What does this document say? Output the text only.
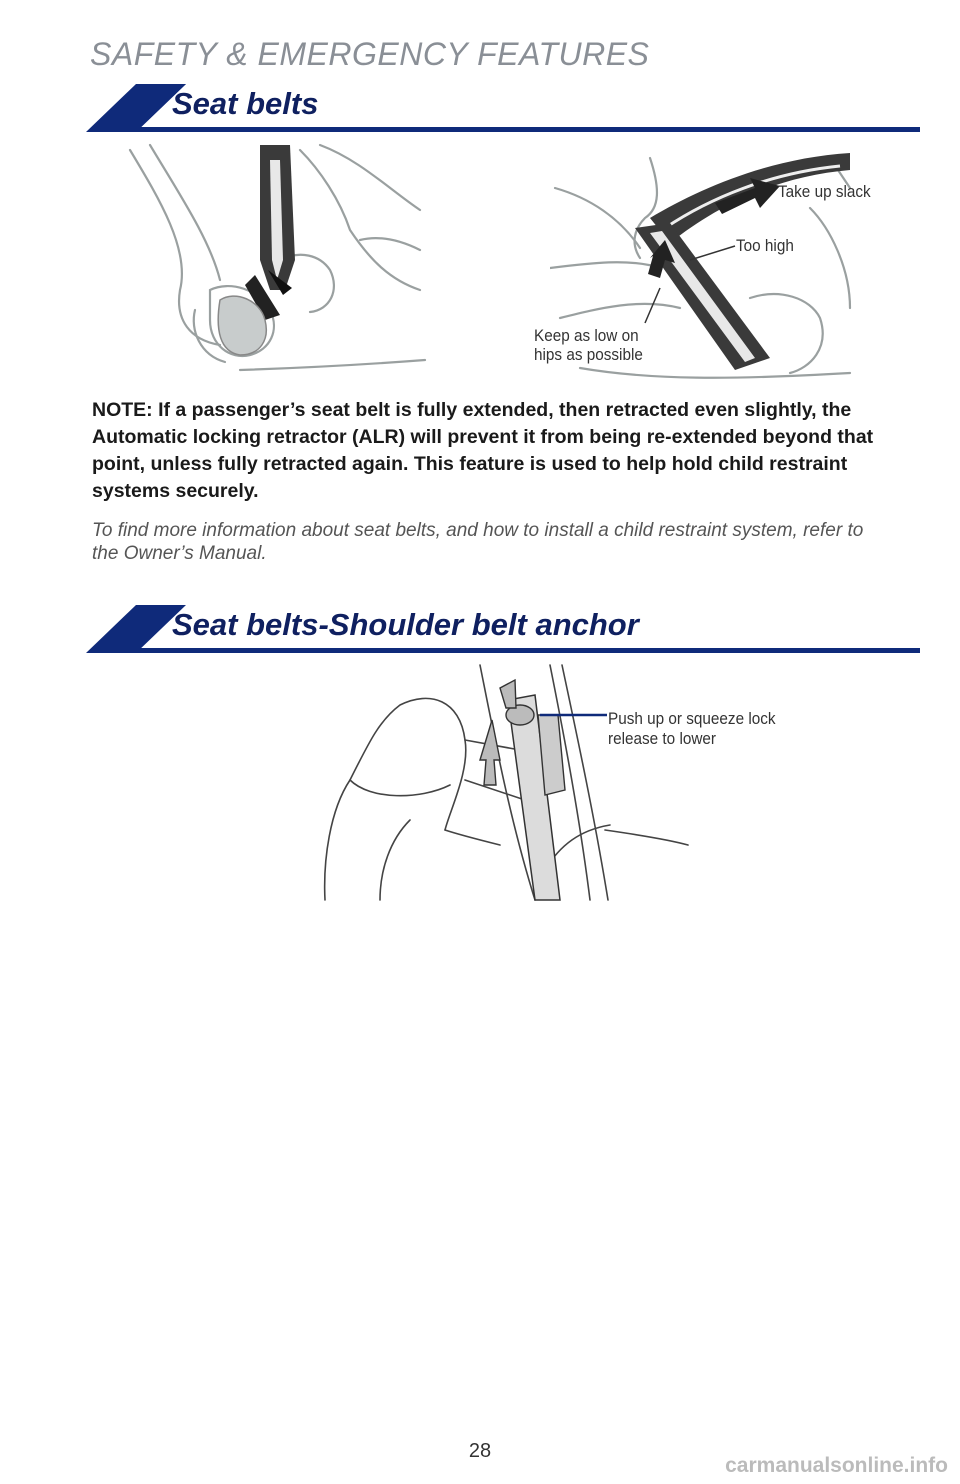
SAFETY & EMERGENCY FEATURES
Seat belts
Take up slack
Too high
Keep as low on
hips as possible
NOTE: If a passenger’s seat belt is fully extended, then retracted even slightly, the Automatic locking retractor (ALR) will prevent it from being re-extended beyond that point, unless fully retracted again. This feature is used to help hold child restraint systems securely.
To find more information about seat belts, and how to install a child restraint system, refer to the Owner’s Manual.
Seat belts-Shoulder belt anchor
Push up or squeeze lock
release to lower
28
carmanualsonline.info
